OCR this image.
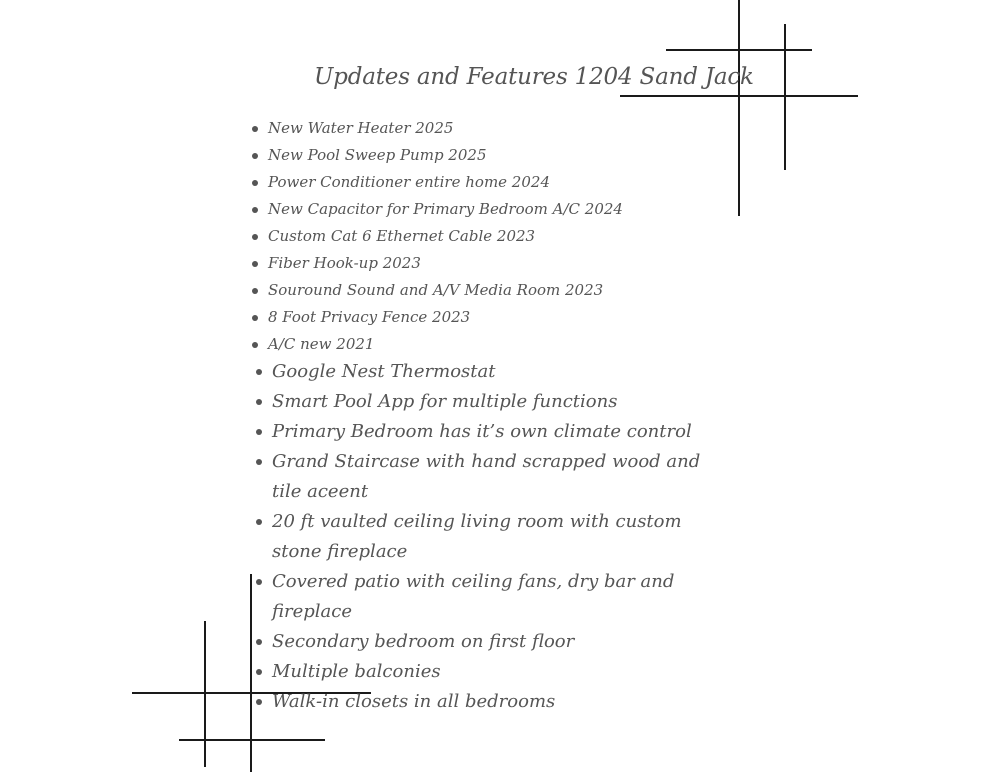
Updates and Features 1204 Sand Jack
New Water Heater 2025
New Pool Sweep Pump 2025
Power Conditioner entire home 2024
New Capacitor for Primary Bedroom A/C 2024
Custom Cat 6 Ethernet Cable 2023
Fiber Hook-up 2023
Souround Sound and A/V Media Room 2023
8 Foot Privacy Fence 2023
A/C new 2021
Google Nest Thermostat
Smart Pool App for multiple functions
Primary Bedroom has it’s own climate control
Grand Staircase with hand scrapped wood and tile aceent
20 ft vaulted ceiling living room with custom stone fireplace
Covered patio with ceiling fans, dry bar and fireplace
Secondary bedroom on first floor
Multiple balconies
Walk-in closets in all bedrooms
